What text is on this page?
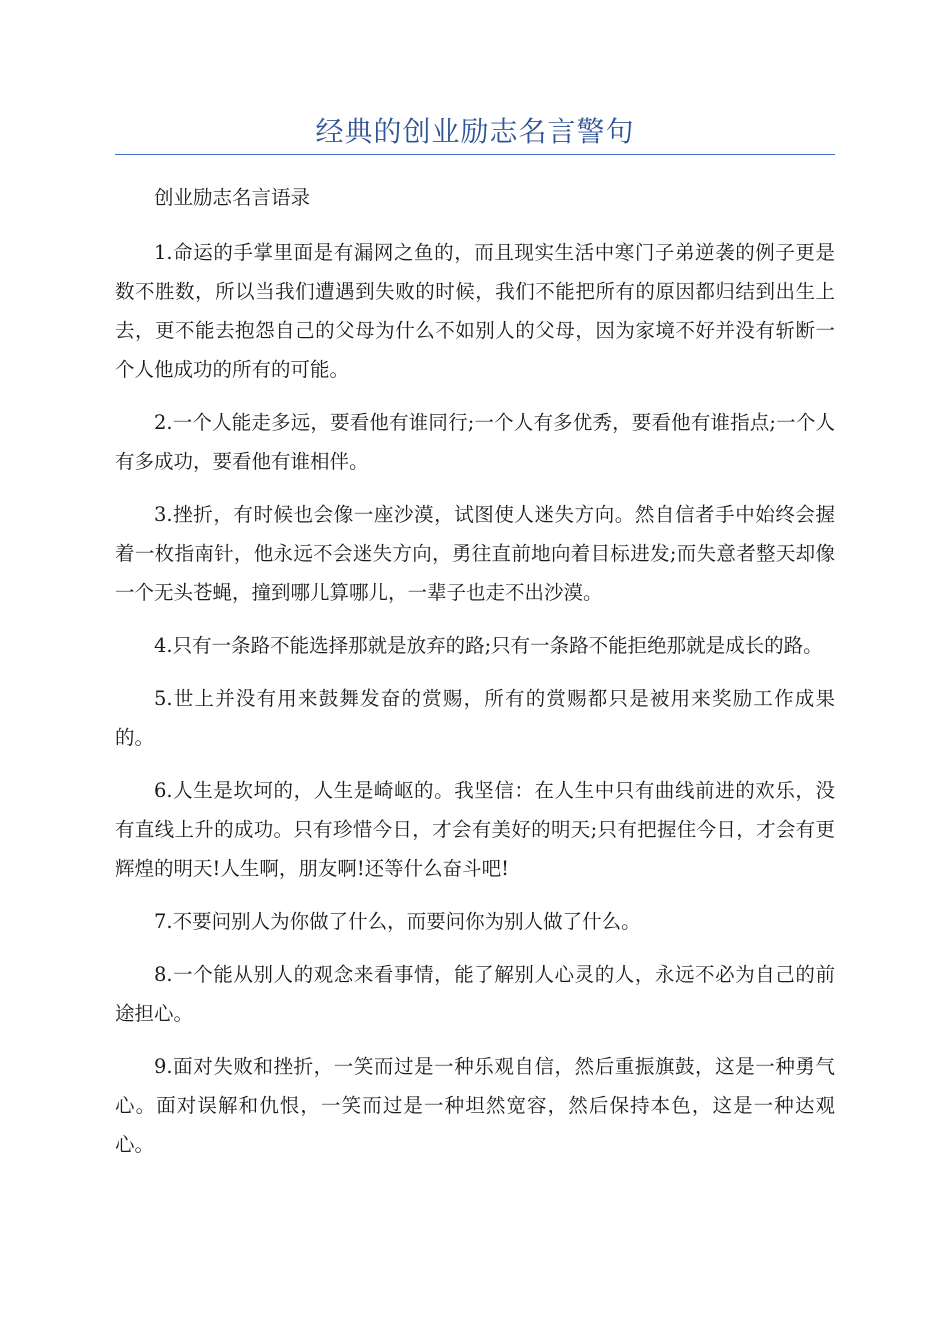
经典的创业励志名言警句

创业励志名言语录

1.命运的手掌里面是有漏网之鱼的，而且现实生活中寒门子弟逆袭的例子更是数不胜数，所以当我们遭遇到失败的时候，我们不能把所有的原因都归结到出生上去，更不能去抱怨自己的父母为什么不如别人的父母，因为家境不好并没有斩断一个人他成功的所有的可能。

2.一个人能走多远，要看他有谁同行;一个人有多优秀，要看他有谁指点;一个人有多成功，要看他有谁相伴。

3.挫折，有时候也会像一座沙漠，试图使人迷失方向。然自信者手中始终会握着一枚指南针，他永远不会迷失方向，勇往直前地向着目标进发;而失意者整天却像一个无头苍蝇，撞到哪儿算哪儿，一辈子也走不出沙漠。

4.只有一条路不能选择那就是放弃的路;只有一条路不能拒绝那就是成长的路。

5.世上并没有用来鼓舞发奋的赏赐，所有的赏赐都只是被用来奖励工作成果的。

6.人生是坎坷的，人生是崎岖的。我坚信：在人生中只有曲线前进的欢乐，没有直线上升的成功。只有珍惜今日，才会有美好的明天;只有把握住今日，才会有更辉煌的明天!人生啊，朋友啊!还等什么奋斗吧!

7.不要问别人为你做了什么，而要问你为别人做了什么。

8.一个能从别人的观念来看事情，能了解别人心灵的人，永远不必为自己的前途担心。

9.面对失败和挫折，一笑而过是一种乐观自信，然后重振旗鼓，这是一种勇气心。面对误解和仇恨，一笑而过是一种坦然宽容，然后保持本色，这是一种达观心。
